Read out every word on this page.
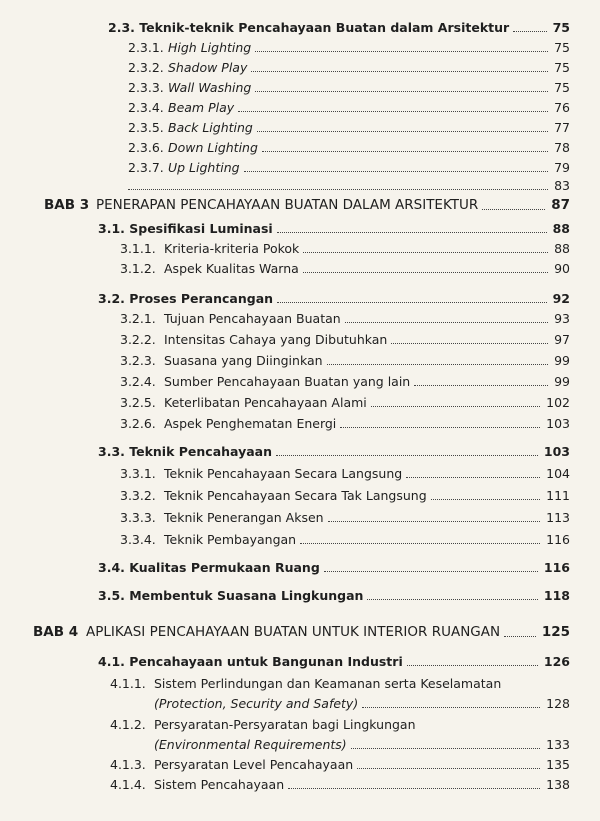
2.3. Teknik-teknik Pencahayaan Buatan dalam Arsitektur	75
2.3.1. High Lighting	75
2.3.2. Shadow Play	75
2.3.3. Wall Washing	75
2.3.4. Beam Play	76
2.3.5. Back Lighting	77
2.3.6. Down Lighting	78
2.3.7. Up Lighting	79
83
BAB 3 PENERAPAN PENCAHAYAAN BUATAN DALAM ARSITEKTUR	87
3.1. Spesifikasi Luminasi	88
3.1.1. Kriteria-kriteria Pokok	88
3.1.2. Aspek Kualitas Warna	90
3.2. Proses Perancangan	92
3.2.1. Tujuan Pencahayaan Buatan	93
3.2.2. Intensitas Cahaya yang Dibutuhkan	97
3.2.3. Suasana yang Diinginkan	99
3.2.4. Sumber Pencahayaan Buatan yang lain	99
3.2.5. Keterlibatan Pencahayaan Alami	102
3.2.6. Aspek Penghematan Energi	103
3.3. Teknik Pencahayaan	103
3.3.1. Teknik Pencahayaan Secara Langsung	104
3.3.2. Teknik Pencahayaan Secara Tak Langsung	111
3.3.3. Teknik Penerangan Aksen	113
3.3.4. Teknik Pembayangan	116
3.4. Kualitas Permukaan Ruang	116
3.5. Membentuk Suasana Lingkungan	118
BAB 4 APLIKASI PENCAHAYAAN BUATAN UNTUK INTERIOR RUANGAN	125
4.1. Pencahayaan untuk Bangunan Industri	126
4.1.1. Sistem Perlindungan dan Keamanan serta Keselamatan
(Protection, Security and Safety)	128
4.1.2. Persyaratan-Persyaratan bagi Lingkungan
(Environmental Requirements)	133
4.1.3. Persyaratan Level Pencahayaan	135
4.1.4. Sistem Pencahayaan	138
